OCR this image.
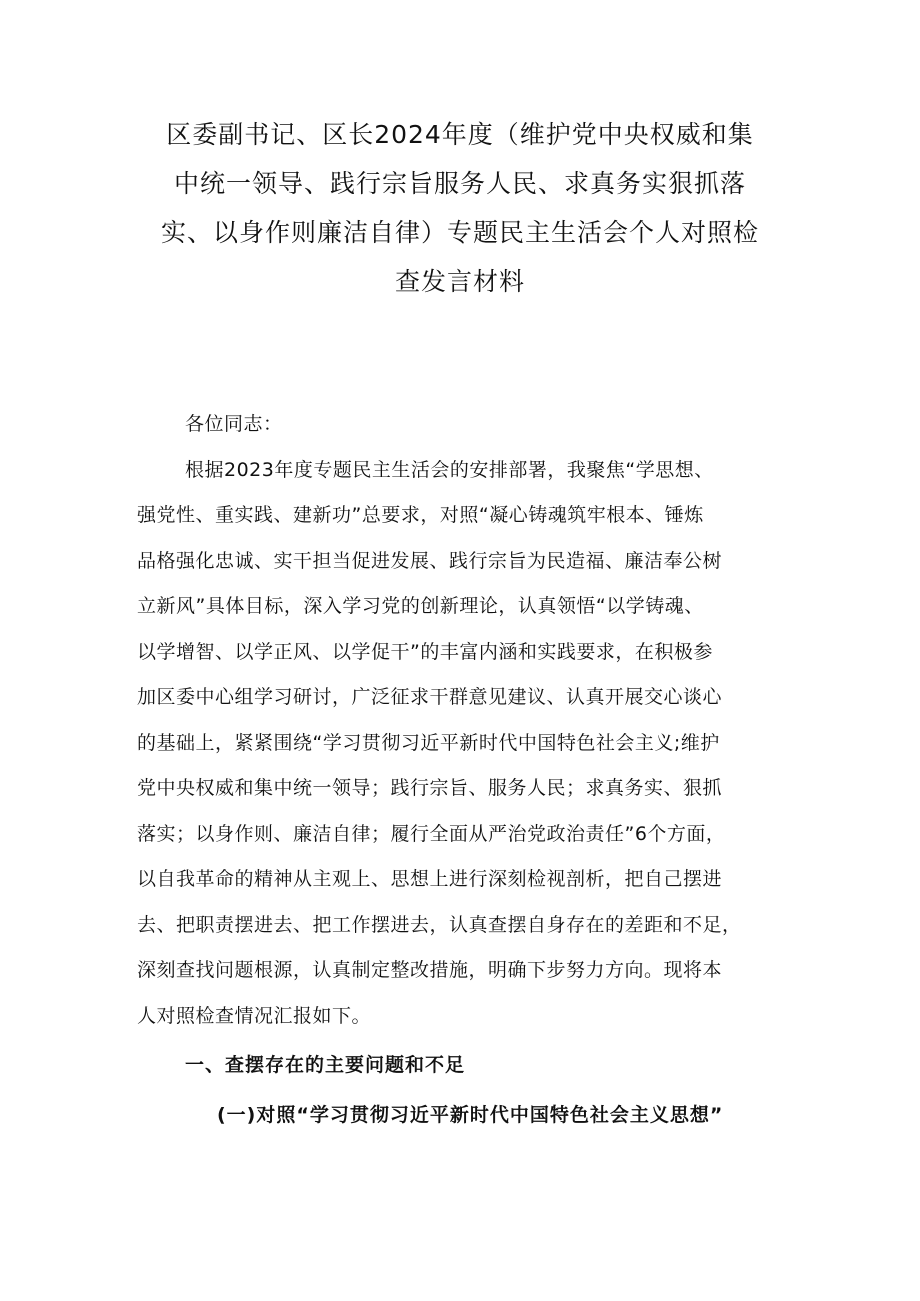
区委副书记、区长2024年度（维护党中央权威和集
中统一领导、践行宗旨服务人民、求真务实狠抓落
实、以身作则廉洁自律）专题民主生活会个人对照检
查发言材料

各位同志：

根据2023年度专题民主生活会的安排部署，我聚焦“学思想、
强党性、重实践、建新功”总要求，对照“凝心铸魂筑牢根本、锤炼
品格强化忠诚、实干担当促进发展、践行宗旨为民造福、廉洁奉公树
立新风”具体目标，深入学习党的创新理论，认真领悟“以学铸魂、
以学增智、以学正风、以学促干”的丰富内涵和实践要求，在积极参
加区委中心组学习研讨，广泛征求干群意见建议、认真开展交心谈心
的基础上，紧紧围绕“学习贯彻习近平新时代中国特色社会主义;维护
党中央权威和集中统一领导；践行宗旨、服务人民；求真务实、狠抓
落实；以身作则、廉洁自律；履行全面从严治党政治责任”6个方面，
以自我革命的精神从主观上、思想上进行深刻检视剖析，把自己摆进
去、把职责摆进去、把工作摆进去，认真查摆自身存在的差距和不足，
深刻查找问题根源，认真制定整改措施，明确下步努力方向。现将本
人对照检查情况汇报如下。

一、查摆存在的主要问题和不足

(一)对照“学习贯彻习近平新时代中国特色社会主义思想”
